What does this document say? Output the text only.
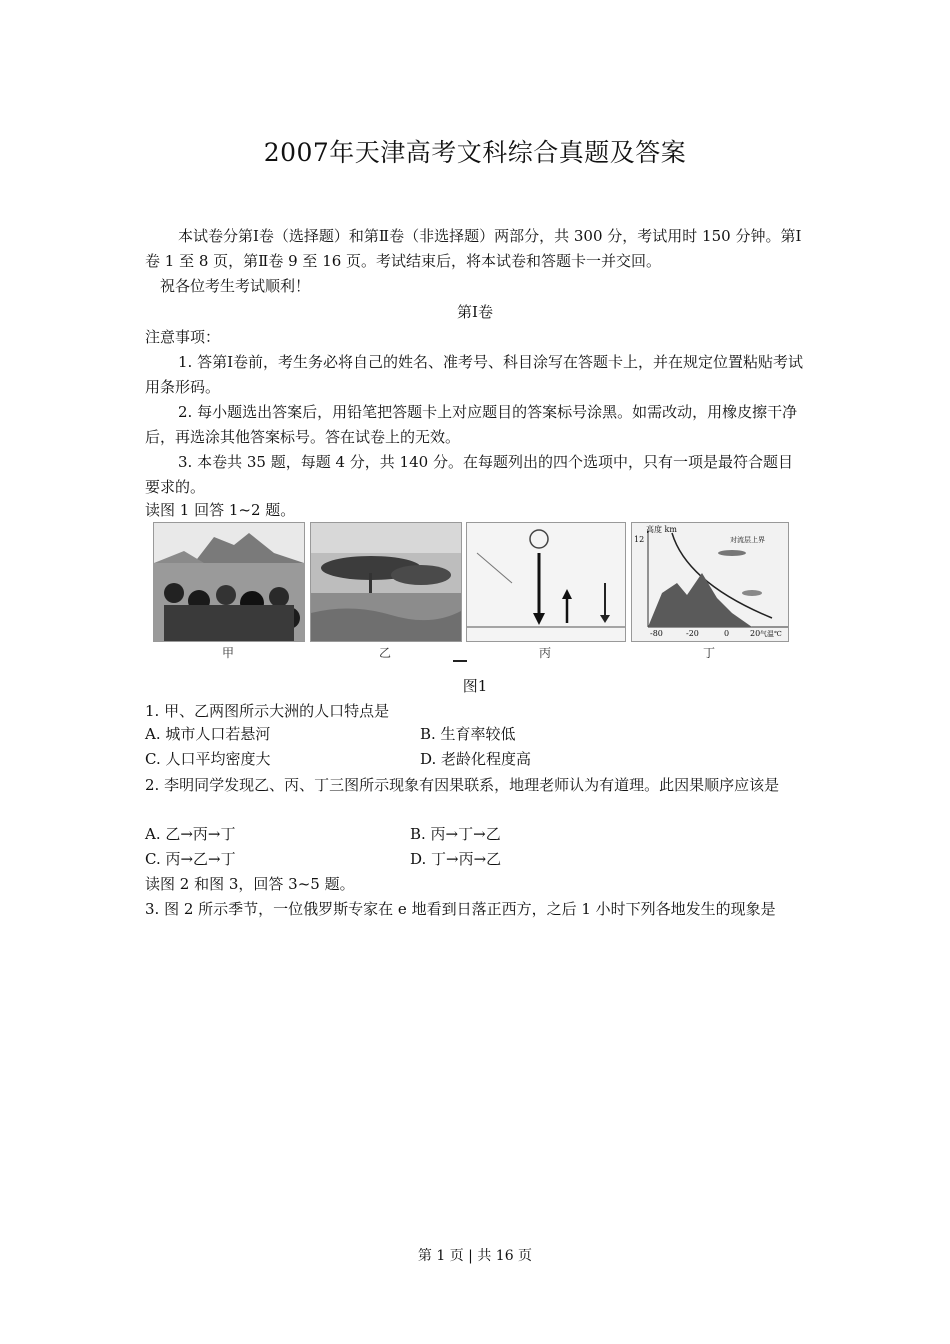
2007年天津高考文科综合真题及答案

本试卷分第Ⅰ卷（选择题）和第Ⅱ卷（非选择题）两部分，共 300 分，考试用时 150 分钟。第Ⅰ卷 1 至 8 页，第Ⅱ卷 9 至 16 页。考试结束后，将本试卷和答题卡一并交回。

祝各位考生考试顺利！

第Ⅰ卷

注意事项：

1. 答第Ⅰ卷前，考生务必将自己的姓名、准考号、科目涂写在答题卡上，并在规定位置粘贴考试用条形码。

2. 每小题选出答案后，用铅笔把答题卡上对应题目的答案标号涂黑。如需改动，用橡皮擦干净后，再选涂其他答案标号。答在试卷上的无效。

3. 本卷共 35 题，每题 4 分，共 140 分。在每题列出的四个选项中，只有一项是最符合题目要求的。

读图 1 回答 1~2 题。

高度 km
12	对流层上界
-80	-20	0	20 气温℃
甲	乙	丙	丁
图1

1. 甲、乙两图所示大洲的人口特点是

A. 城市人口若悬河	B. 生育率较低
C. 人口平均密度大	D. 老龄化程度高

2. 李明同学发现乙、丙、丁三图所示现象有因果联系，地理老师认为有道理。此因果顺序应该是

A. 乙→丙→丁	B. 丙→丁→乙
C. 丙→乙→丁	D. 丁→丙→乙

读图 2 和图 3，回答 3~5 题。

3. 图 2 所示季节，一位俄罗斯专家在 e 地看到日落正西方，之后 1 小时下列各地发生的现象是

第 1 页 | 共 16 页
